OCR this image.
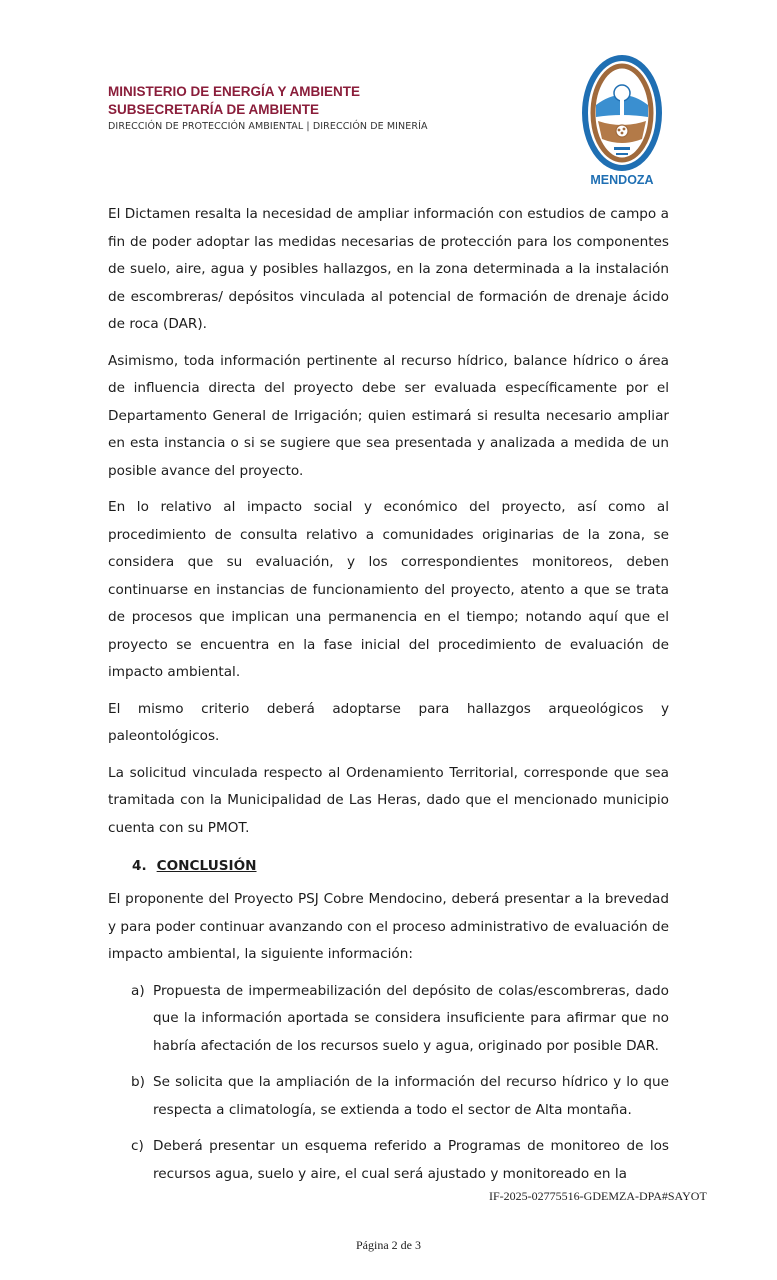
MINISTERIO DE ENERGÍA Y AMBIENTE
SUBSECRETARÍA DE AMBIENTE
DIRECCIÓN DE PROTECCIÓN AMBIENTAL | DIRECCIÓN DE MINERÍA
MENDOZA

El Dictamen resalta la necesidad de ampliar información con estudios de campo a fin de poder adoptar las medidas necesarias de protección para los componentes de suelo, aire, agua y posibles hallazgos, en la zona determinada a la instalación de escombreras/ depósitos vinculada al potencial de formación de drenaje ácido de roca (DAR).

Asimismo, toda información pertinente al recurso hídrico, balance hídrico o área de influencia directa del proyecto debe ser evaluada específicamente por el Departamento General de Irrigación; quien estimará si resulta necesario ampliar en esta instancia o si se sugiere que sea presentada y analizada a medida de un posible avance del proyecto.

En lo relativo al impacto social y económico del proyecto, así como al procedimiento de consulta relativo a comunidades originarias de la zona, se considera que su evaluación, y los correspondientes monitoreos, deben continuarse en instancias de funcionamiento del proyecto, atento a que se trata de procesos que implican una permanencia en el tiempo; notando aquí que el proyecto se encuentra en la fase inicial del procedimiento de evaluación de impacto ambiental.

El mismo criterio deberá adoptarse para hallazgos arqueológicos y paleontológicos.

La solicitud vinculada respecto al Ordenamiento Territorial, corresponde que sea tramitada con la Municipalidad de Las Heras, dado que el mencionado municipio cuenta con su PMOT.

4. CONCLUSIÓN

El proponente del Proyecto PSJ Cobre Mendocino, deberá presentar a la brevedad y para poder continuar avanzando con el proceso administrativo de evaluación de impacto ambiental, la siguiente información:

a) Propuesta de impermeabilización del depósito de colas/escombreras, dado que la información aportada se considera insuficiente para afirmar que no habría afectación de los recursos suelo y agua, originado por posible DAR.
b) Se solicita que la ampliación de la información del recurso hídrico y lo que respecta a climatología, se extienda a todo el sector de Alta montaña.
c) Deberá presentar un esquema referido a Programas de monitoreo de los recursos agua, suelo y aire, el cual será ajustado y monitoreado en la
IF-2025-02775516-GDEMZA-DPA#SAYOT
Página 2 de 3
